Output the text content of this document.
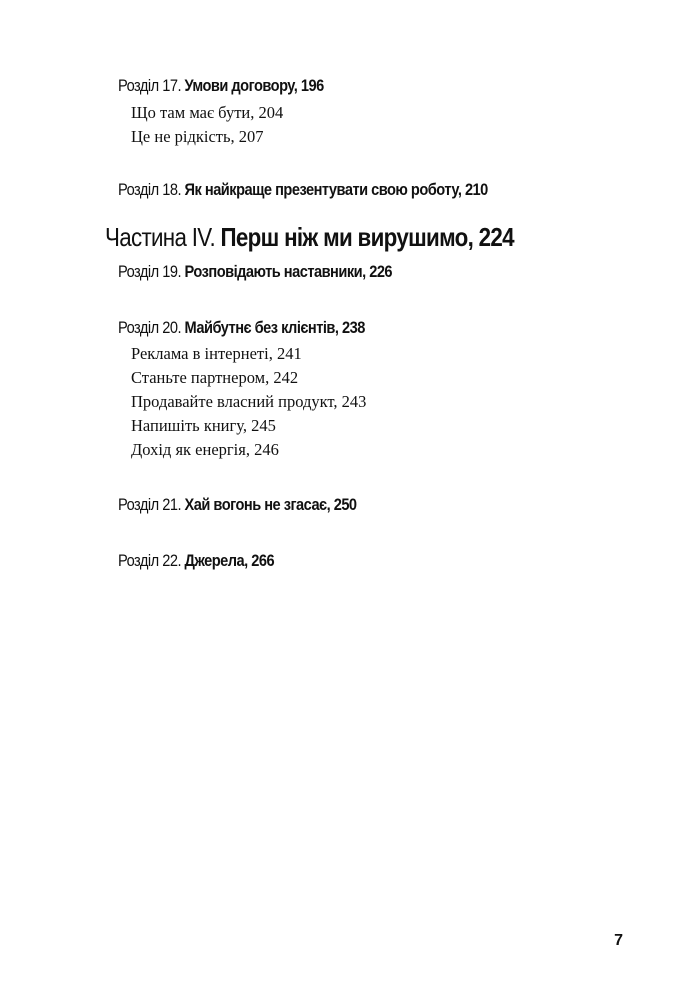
Розділ 17. Умови договору, 196
Що там має бути, 204
Це не рідкість, 207
Розділ 18. Як найкраще презентувати свою роботу, 210
Частина IV. Перш ніж ми вирушимо, 224
Розділ 19. Розповідають наставники, 226
Розділ 20. Майбутнє без клієнтів, 238
Реклама в інтернеті, 241
Станьте партнером, 242
Продавайте власний продукт, 243
Напишіть книгу, 245
Дохід як енергія, 246
Розділ 21. Хай вогонь не згасає, 250
Розділ 22. Джерела, 266
7
